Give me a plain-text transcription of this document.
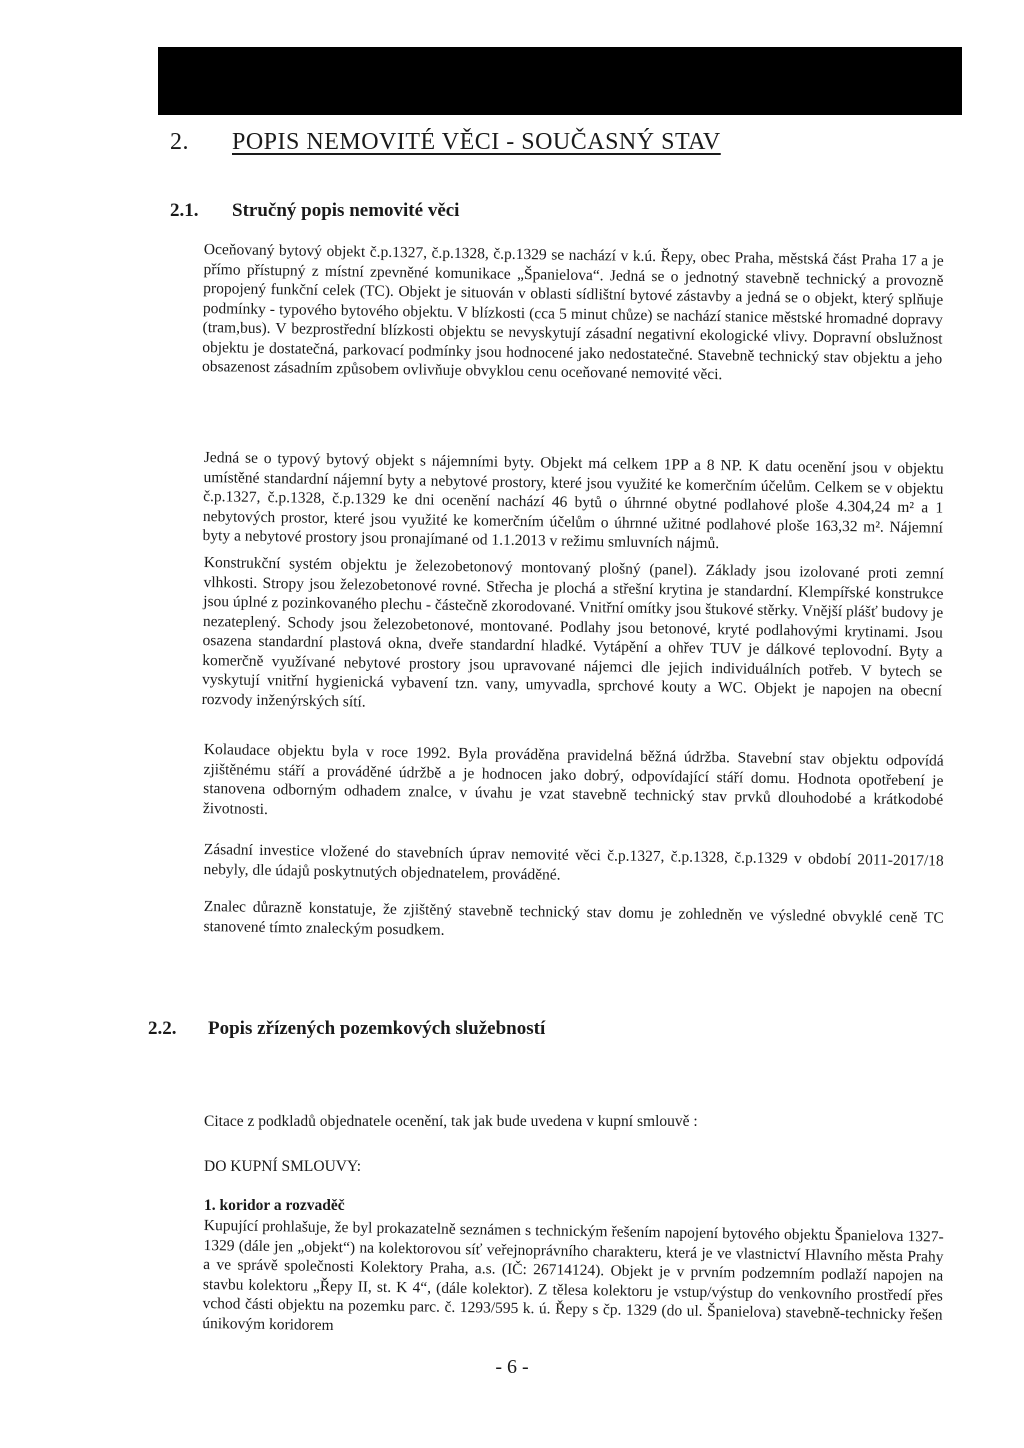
2. POPIS NEMOVITÉ VĚCI - SOUČASNÝ STAV
2.1. Stručný popis nemovité věci

Oceňovaný bytový objekt č.p.1327, č.p.1328, č.p.1329 se nachází v k.ú. Řepy, obec Praha, městská část Praha 17 a je přímo přístupný z místní zpevněné komunikace „Španielova“. Jedná se o jednotný stavebně technický a provozně propojený funkční celek (TC). Objekt je situován v oblasti sídlištní bytové zástavby a jedná se o objekt, který splňuje podmínky - typového bytového objektu. V blízkosti (cca 5 minut chůze) se nachází stanice městské hromadné dopravy (tram,bus). V bezprostřední blízkosti objektu se nevyskytují zásadní negativní ekologické vlivy. Dopravní obslužnost objektu je dostatečná, parkovací podmínky jsou hodnocené jako nedostatečné. Stavebně technický stav objektu a jeho obsazenost zásadním způsobem ovlivňuje obvyklou cenu oceňované nemovité věci.

Jedná se o typový bytový objekt s nájemními byty. Objekt má celkem 1PP a 8 NP. K datu ocenění jsou v objektu umístěné standardní nájemní byty a nebytové prostory, které jsou využité ke komerčním účelům. Celkem se v objektu č.p.1327, č.p.1328, č.p.1329 ke dni ocenění nachází 46 bytů o úhrnné obytné podlahové ploše 4.304,24 m² a 1 nebytových prostor, které jsou využité ke komerčním účelům o úhrnné užitné podlahové ploše 163,32 m². Nájemní byty a nebytové prostory jsou pronajímané od 1.1.2013 v režimu smluvních nájmů.

Konstrukční systém objektu je železobetonový montovaný plošný (panel). Základy jsou izolované proti zemní vlhkosti. Stropy jsou železobetonové rovné. Střecha je plochá a střešní krytina je standardní. Klempířské konstrukce jsou úplné z pozinkovaného plechu - částečně zkorodované. Vnitřní omítky jsou štukové stěrky. Vnější plášť budovy je nezateplený. Schody jsou železobetonové, montované. Podlahy jsou betonové, kryté podlahovými krytinami. Jsou osazena standardní plastová okna, dveře standardní hladké. Vytápění a ohřev TUV je dálkové teplovodní. Byty a komerčně využívané nebytové prostory jsou upravované nájemci dle jejich individuálních potřeb. V bytech se vyskytují vnitřní hygienická vybavení tzn. vany, umyvadla, sprchové kouty a WC. Objekt je napojen na obecní rozvody inženýrských sítí.

Kolaudace objektu byla v roce 1992. Byla prováděna pravidelná běžná údržba. Stavební stav objektu odpovídá zjištěnému stáří a prováděné údržbě a je hodnocen jako dobrý, odpovídající stáří domu. Hodnota opotřebení je stanovena odborným odhadem znalce, v úvahu je vzat stavebně technický stav prvků dlouhodobé a krátkodobé životnosti.

Zásadní investice vložené do stavebních úprav nemovité věci č.p.1327, č.p.1328, č.p.1329 v období 2011-2017/18 nebyly, dle údajů poskytnutých objednatelem, prováděné.

Znalec důrazně konstatuje, že zjištěný stavebně technický stav domu je zohledněn ve výsledné obvyklé ceně TC stanovené tímto znaleckým posudkem.

2.2. Popis zřízených pozemkových služebností

Citace z podkladů objednatele ocenění, tak jak bude uvedena v kupní smlouvě :

DO KUPNÍ SMLOUVY:

1. koridor a rozvaděč

Kupující prohlašuje, že byl prokazatelně seznámen s technickým řešením napojení bytového objektu Španielova 1327-1329 (dále jen „objekt“) na kolektorovou síť veřejnoprávního charakteru, která je ve vlastnictví Hlavního města Prahy a ve správě společnosti Kolektory Praha, a.s. (IČ: 26714124). Objekt je v prvním podzemním podlaží napojen na stavbu kolektoru „Řepy II, st. K 4“, (dále kolektor). Z tělesa kolektoru je vstup/výstup do venkovního prostředí přes vchod části objektu na pozemku parc. č. 1293/595 k. ú. Řepy s čp. 1329 (do ul. Španielova) stavebně-technicky řešen únikovým koridorem

- 6 -
